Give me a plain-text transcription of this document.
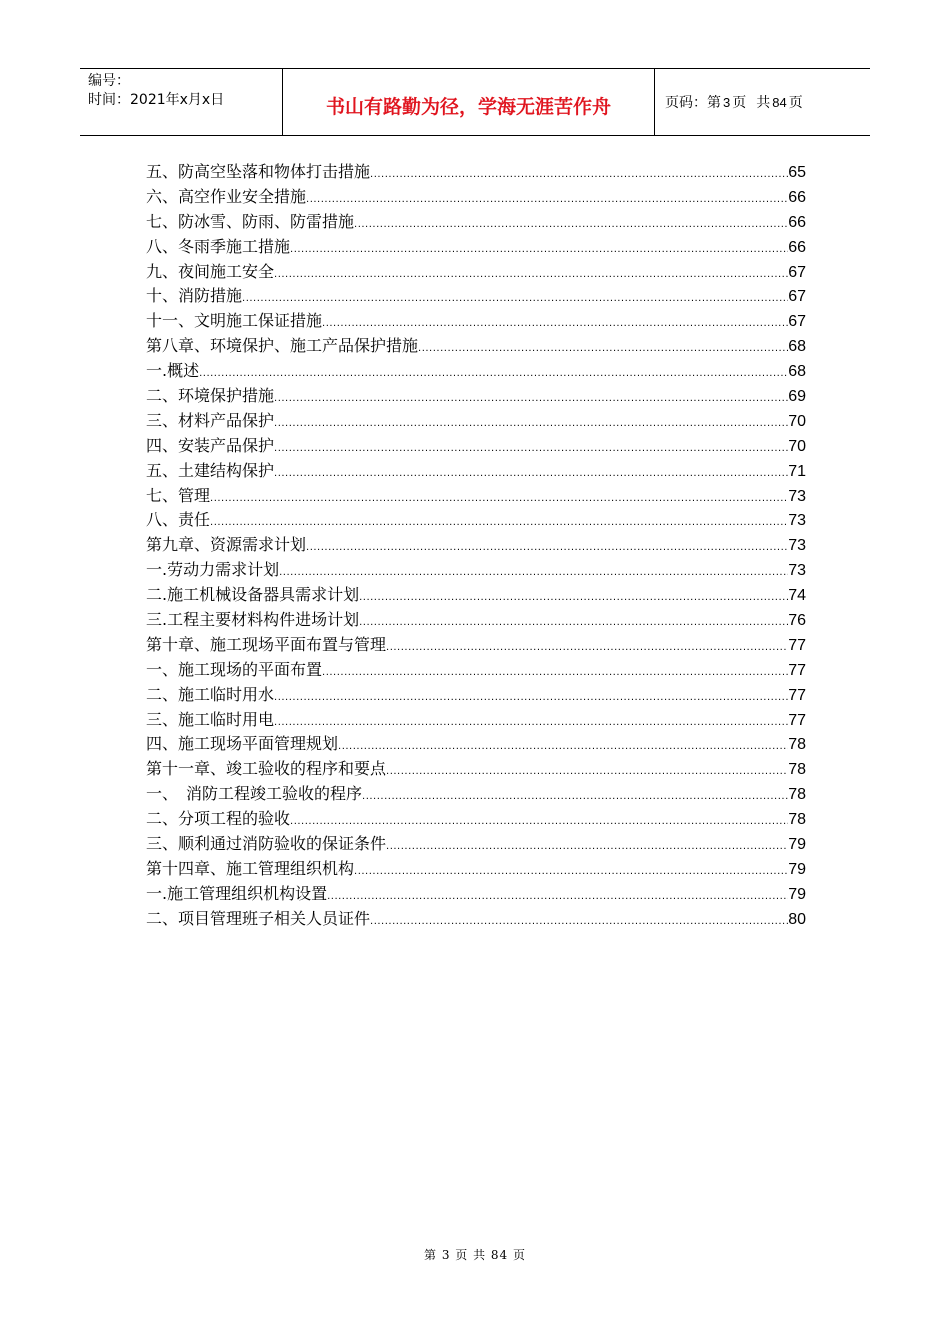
编号：
时间：2021年x月x日	书山有路勤为径，学海无涯苦作舟	页码：第 3 页 共 84 页
五、防高空坠落和物体打击措施 .....	65
六、高空作业安全措施 .....	66
七、防冰雪、防雨、防雷措施 .....	66
八、冬雨季施工措施 .....	66
九、夜间施工安全 .....	67
十、消防措施 .....	67
十一、文明施工保证措施 .....	67
第八章、环境保护、施工产品保护措施 .....	68
一.概述 .....	68
二、环境保护措施 .....	69
三、材料产品保护 .....	70
四、安装产品保护 .....	70
五、土建结构保护 .....	71
七、管理 .....	73
八、责任 .....	73
第九章、资源需求计划 .....	73
一.劳动力需求计划 .....	73
二.施工机械设备器具需求计划 .....	74
三.工程主要材料构件进场计划 .....	76
第十章、施工现场平面布置与管理 .....	77
一、施工现场的平面布置 .....	77
二、施工临时用水 .....	77
三、施工临时用电 .....	77
四、施工现场平面管理规划 .....	78
第十一章、竣工验收的程序和要点 .....	78
一、　消防工程竣工验收的程序 .....	78
二、分项工程的验收 .....	78
三、顺利通过消防验收的保证条件 .....	79
第十四章、施工管理组织机构 .....	79
一.施工管理组织机构设置 .....	79
二、项目管理班子相关人员证件 .....	80
第 3 页 共 84 页
